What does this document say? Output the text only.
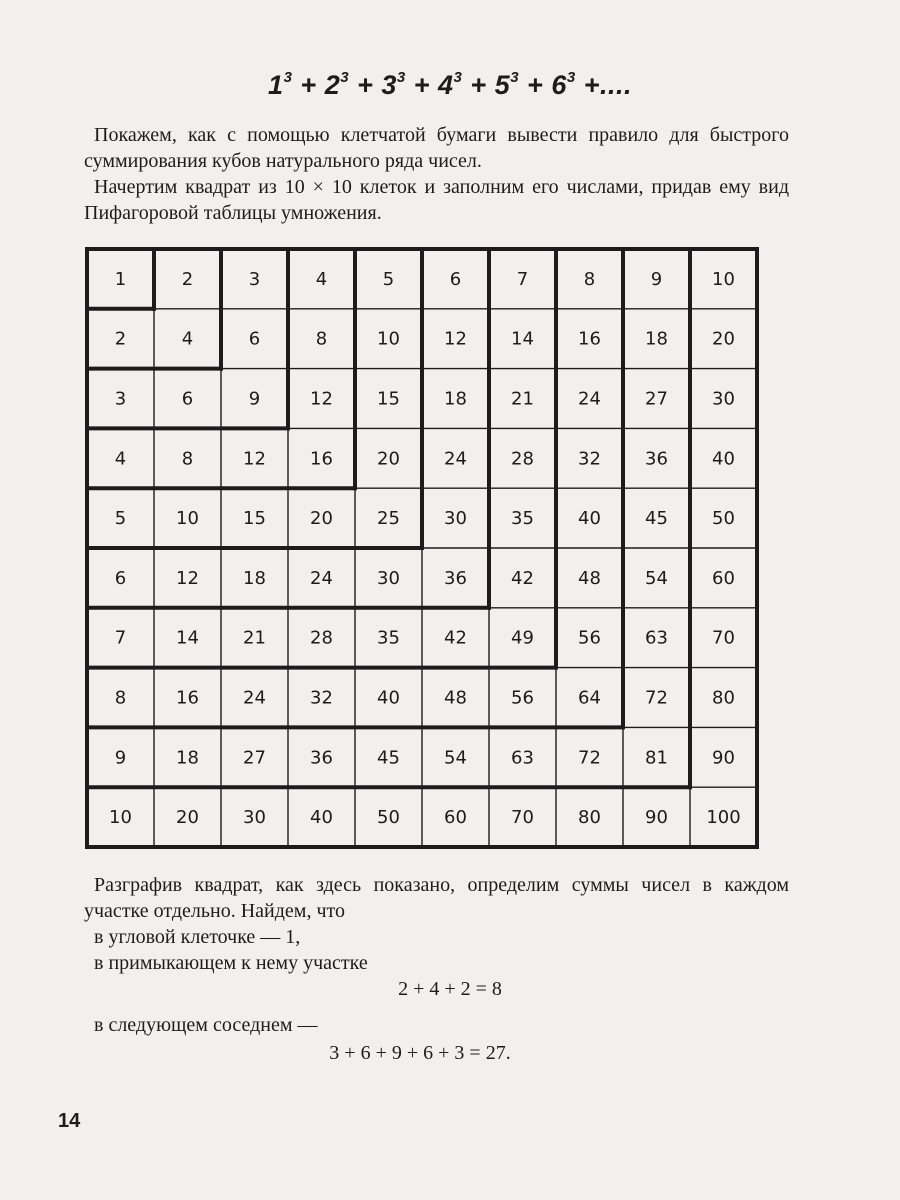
$1^3 + 2^3 + 3^3 + 4^3 + 5^3 + 6^3$ +....

Покажем, как с помощью клетчатой бумаги вывести правило для быстрого суммирования кубов натурального ряда чисел.

Начертим квадрат из 10 × 10 клеток и заполним его числами, придав ему вид Пифагоровой таблицы умножения.

1	2	3	4	5	6	7	8	9	10
2	4	6	8	10 12 14 16 18 20
3	6	9	12 15 18 21 24 27 30
4	8	12 16 20 24 28 32 36 40
5	10 15 20 25 30 35 40 45 50
6	12 18 24 30 36 42 48 54 60
7	14 21 28 35 42 49 56 63 70
8	16 24 32 40 48 56 64 72 80
9	18 27 36 45 54 63 72 81 90
10 20 30 40 50 60 70 80 90 100

Разграфив квадрат, как здесь показано, определим суммы чисел в каждом участке отдельно. Найдем, что

в угловой клеточке — 1,

в примыкающем к нему участке

2 + 4 + 2 = 8

в следующем соседнем —

3 + 6 + 9 + 6 + 3 = 27.

14
